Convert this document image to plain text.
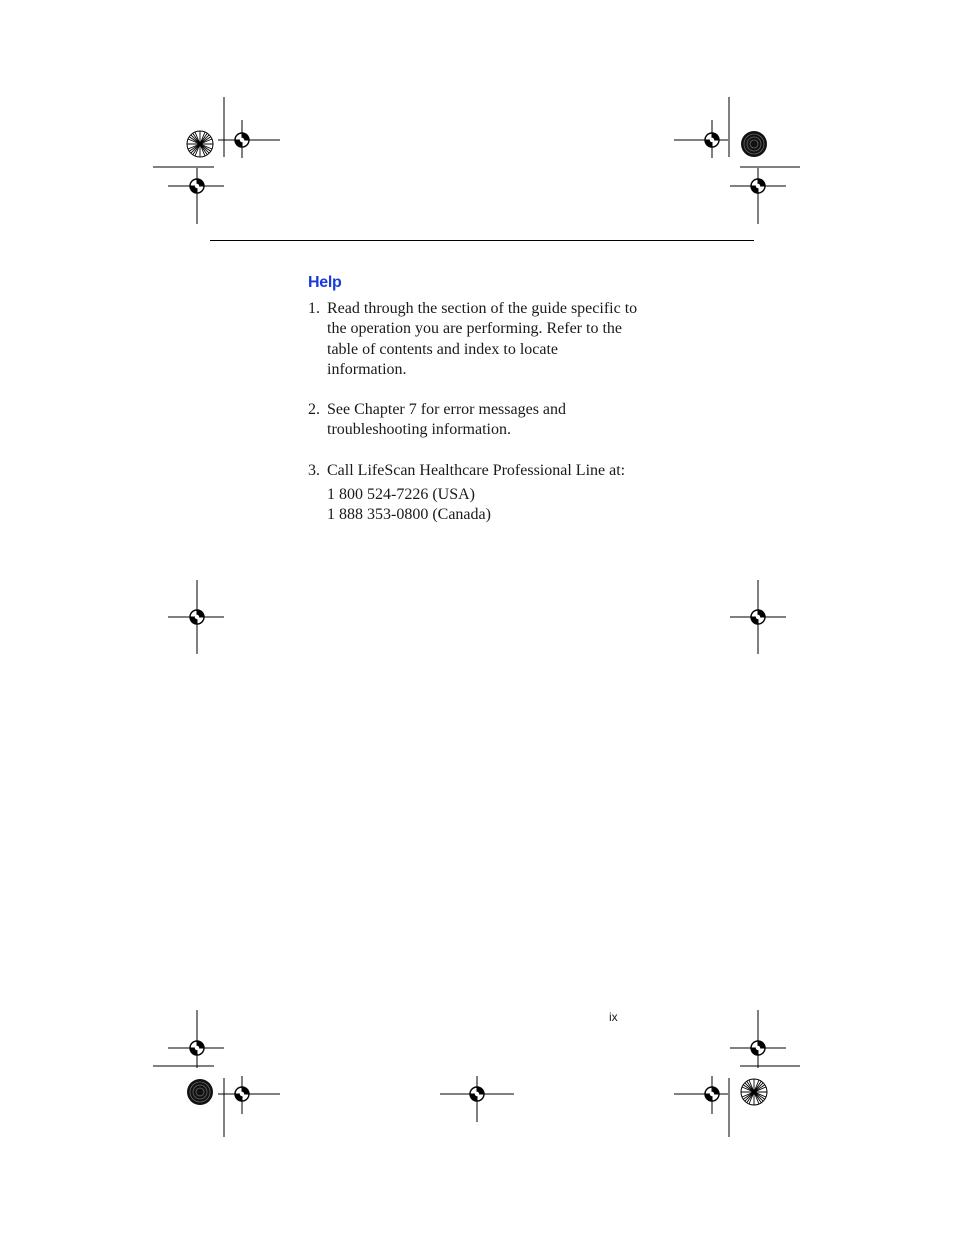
Help
1. Read through the section of the guide specific to the operation you are performing. Refer to the table of contents and index to locate information.
2. See Chapter 7 for error messages and troubleshooting information.
3. Call LifeScan Healthcare Professional Line at:
1 800 524-7226 (USA)
1 888 353-0800 (Canada)
ix
